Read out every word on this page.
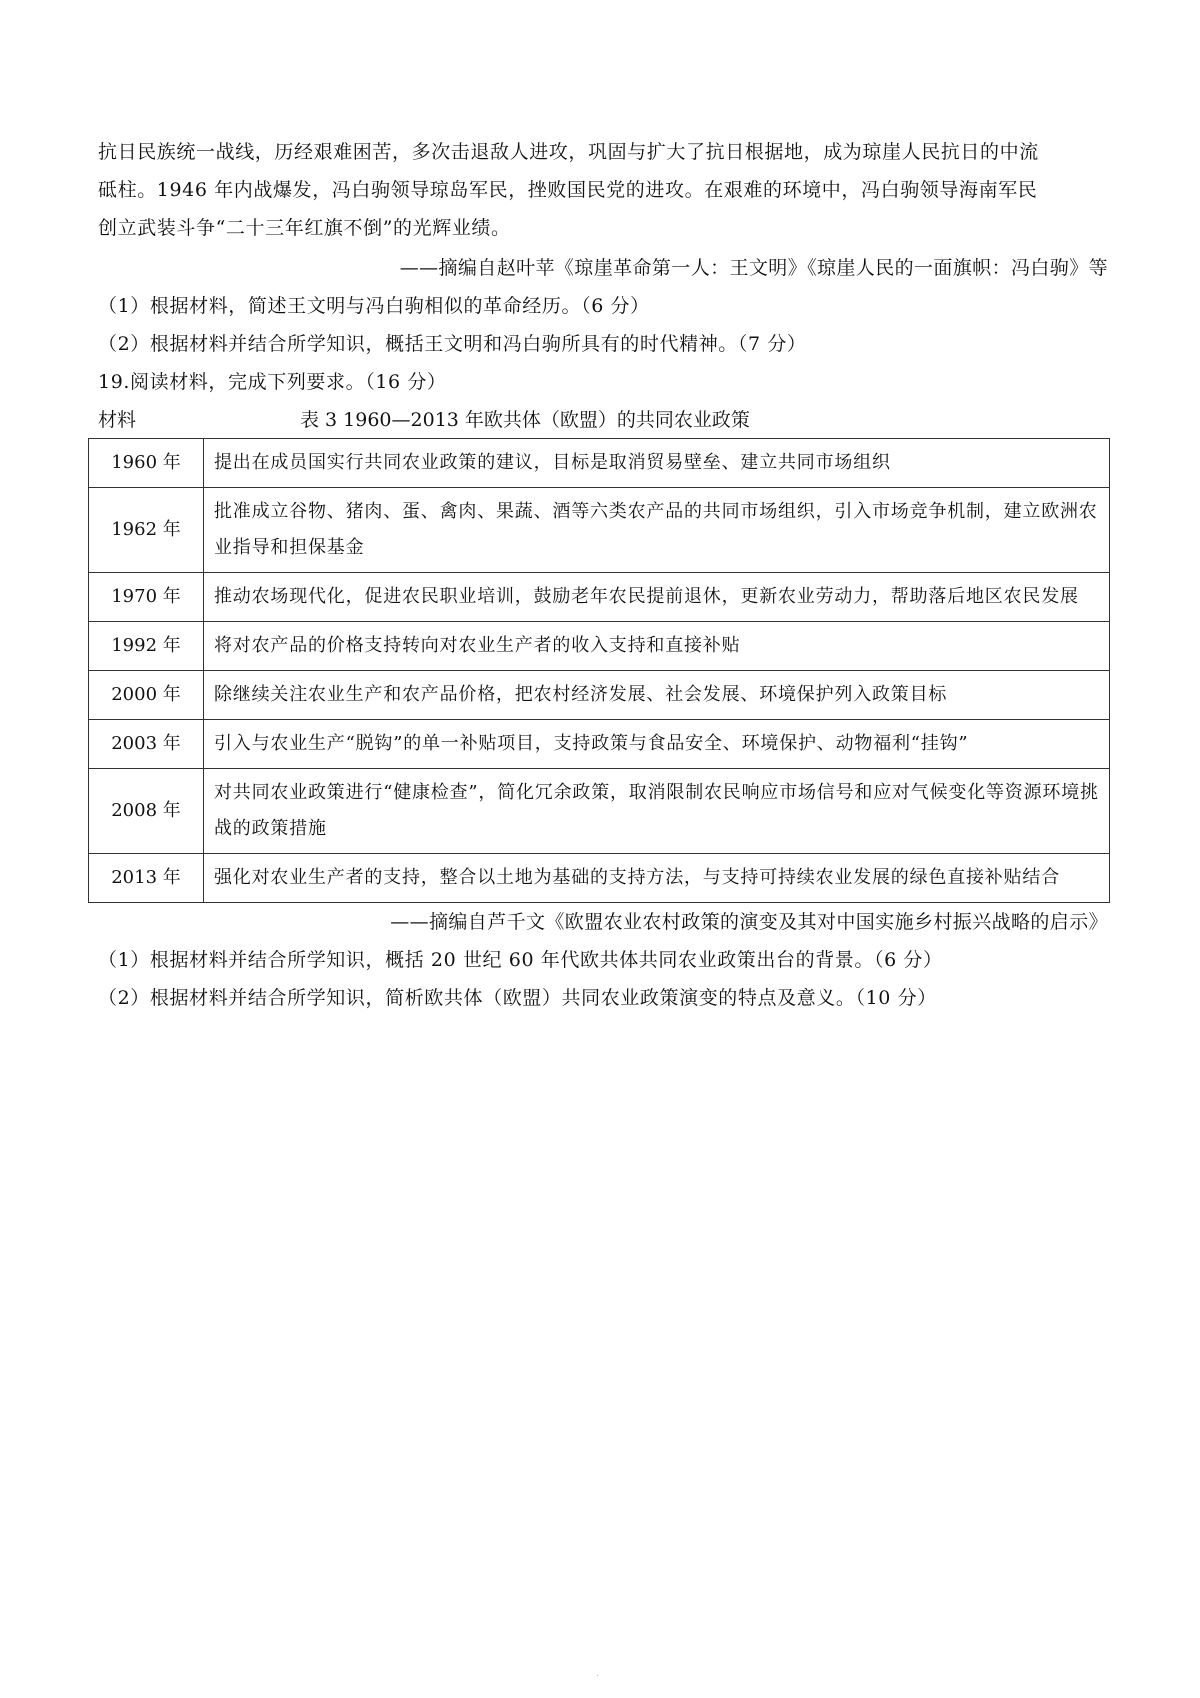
抗日民族统一战线，历经艰难困苦，多次击退敌人进攻，巩固与扩大了抗日根据地，成为琼崖人民抗日的中流
砥柱。1946 年内战爆发，冯白驹领导琼岛军民，挫败国民党的进攻。在艰难的环境中，冯白驹领导海南军民
创立武装斗争“二十三年红旗不倒”的光辉业绩。
——摘编自赵叶苹《琼崖革命第一人：王文明》《琼崖人民的一面旗帜：冯白驹》等
（1）根据材料，简述王文明与冯白驹相似的革命经历。（6 分）
（2）根据材料并结合所学知识，概括王文明和冯白驹所具有的时代精神。（7 分）
19.阅读材料，完成下列要求。（16 分）
材料	表 3 1960—2013 年欧共体（欧盟）的共同农业政策
1960 年	提出在成员国实行共同农业政策的建议，目标是取消贸易壁垒、建立共同市场组织
1962 年	批准成立谷物、猪肉、蛋、禽肉、果蔬、酒等六类农产品的共同市场组织，引入市场竞争机制，建立欧洲农业指导和担保基金
1970 年	推动农场现代化，促进农民职业培训，鼓励老年农民提前退休，更新农业劳动力，帮助落后地区农民发展
1992 年	将对农产品的价格支持转向对农业生产者的收入支持和直接补贴
2000 年	除继续关注农业生产和农产品价格，把农村经济发展、社会发展、环境保护列入政策目标
2003 年	引入与农业生产“脱钩”的单一补贴项目，支持政策与食品安全、环境保护、动物福利“挂钩”
2008 年	对共同农业政策进行“健康检查”，简化冗余政策，取消限制农民响应市场信号和应对气候变化等资源环境挑战的政策措施
2013 年	强化对农业生产者的支持，整合以土地为基础的支持方法，与支持可持续农业发展的绿色直接补贴结合
——摘编自芦千文《欧盟农业农村政策的演变及其对中国实施乡村振兴战略的启示》
（1）根据材料并结合所学知识，概括 20 世纪 60 年代欧共体共同农业政策出台的背景。（6 分）
（2）根据材料并结合所学知识，简析欧共体（欧盟）共同农业政策演变的特点及意义。（10 分）
.
